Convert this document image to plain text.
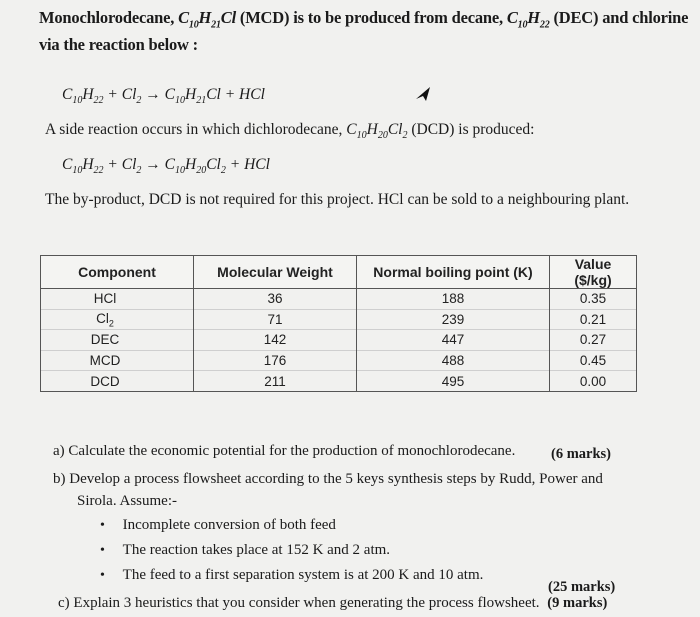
Monochlorodecane, $C_{10}H_{21}Cl$ (MCD) is to be produced from decane, $C_{10}H_{22}$ (DEC) and chlorine
via the reaction below :
$C_{10}H_{22} + Cl_2 \to C_{10}H_{21}Cl$ + HCl
A side reaction occurs in which dichlorodecane, $C_{10}H_{20}Cl_2$ (DCD) is produced:
$C_{10}H_{22} + Cl_2 \to C_{10}H_{20}Cl_2$ + HCl
The by-product, DCD is not required for this project. HCl can be sold to a neighbouring plant.
Component	Molecular Weight	Normal boiling point (K)	Value ($/kg)
HCl	36	188	0.35
$Cl_2$	71	239	0.21
DEC	142	447	0.27
MCD	176	488	0.45
DCD	211	495	0.00
a) Calculate the economic potential for the production of monochlorodecane. (6 marks)
b) Develop a process flowsheet according to the 5 keys synthesis steps by Rudd, Power and
Sirola. Assume:-
• Incomplete conversion of both feed
• The reaction takes place at 152 K and 2 atm.
• The feed to a first separation system is at 200 K and 10 atm.
(25 marks)
c) Explain 3 heuristics that you consider when generating the process flowsheet. (9 marks)
